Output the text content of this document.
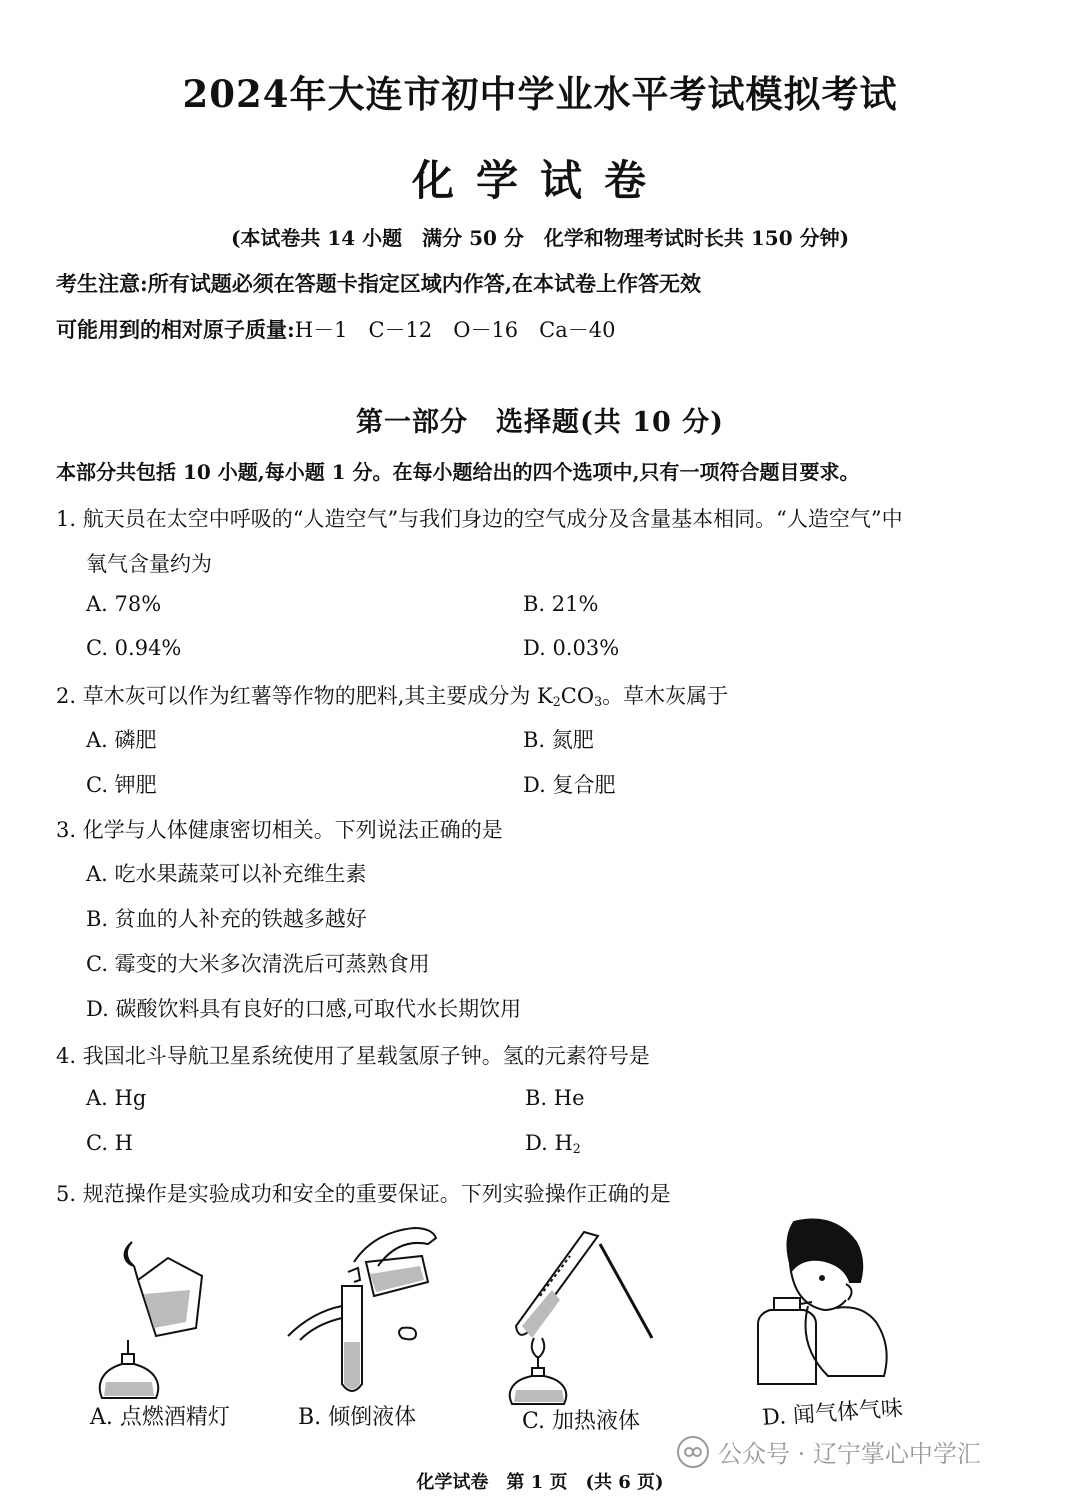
2024年大连市初中学业水平考试模拟考试
化学试卷
(本试卷共 14 小题　满分 50 分　化学和物理考试时长共 150 分钟)
考生注意:所有试题必须在答题卡指定区域内作答,在本试卷上作答无效
可能用到的相对原子质量:H－1　C－12　O－16　Ca－40
第一部分　选择题(共 10 分)
本部分共包括 10 小题,每小题 1 分。在每小题给出的四个选项中,只有一项符合题目要求。
1. 航天员在太空中呼吸的“人造空气”与我们身边的空气成分及含量基本相同。“人造空气”中
氧气含量约为
A. 78%	B. 21%
C. 0.94%	D. 0.03%
2. 草木灰可以作为红薯等作物的肥料,其主要成分为 $K_2CO_3$。草木灰属于
A. 磷肥	B. 氮肥
C. 钾肥	D. 复合肥
3. 化学与人体健康密切相关。下列说法正确的是
A. 吃水果蔬菜可以补充维生素
B. 贫血的人补充的铁越多越好
C. 霉变的大米多次清洗后可蒸熟食用
D. 碳酸饮料具有良好的口感,可取代水长期饮用
4. 我国北斗导航卫星系统使用了星载氢原子钟。氢的元素符号是
A. Hg	B. He
C. H	D. $H_2$
5. 规范操作是实验成功和安全的重要保证。下列实验操作正确的是
A. 点燃酒精灯	B. 倾倒液体	C. 加热液体	D. 闻气体气味
公众号 · 辽宁掌心中学汇
化学试卷　第 1 页　(共 6 页)
